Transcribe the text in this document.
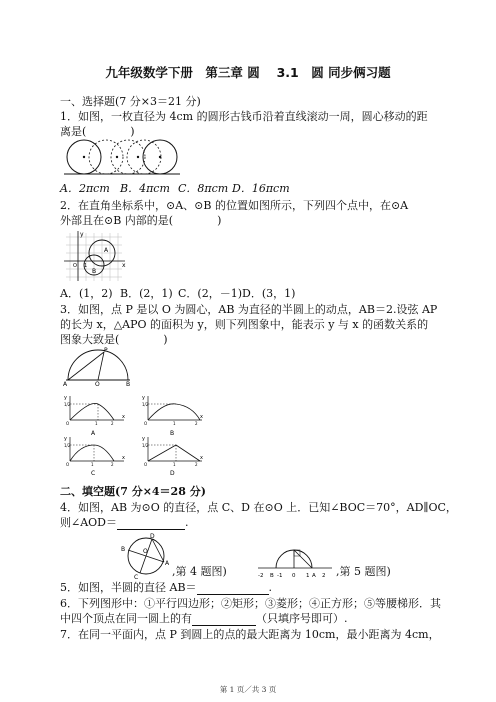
九年级数学下册　第三章 圆　 3.1　圆 同步俩习题
一、选择题(7 分×3＝21 分)
1．如图，一枚直径为 4cm 的圆形古钱币沿着直线滚动一周，圆心移动的距
离是(　　　　)
A．2πcm B．4πcm C．8πcm D．16πcm
2．在直角坐标系中，⊙A、⊙B 的位置如图所示，下列四个点中，在⊙A
外部且在⊙B 内部的是(　　　　)
y
x
A
B
O 1
A．(1，2) B．(2，1) C．(2，－1) D．(3，1)
3．如图，点 P 是以 O 为圆心，AB 为直径的半圆上的动点，AB＝2.设弦 AP
的长为 x，△APO 的面积为 y，则下列图象中，能表示 y 与 x 的函数关系的
图象大致是(　　　　)
P
A	O	B
y
x
1/2
1	2
O
A
y
x
1/2
1	2
O
B
y
x
1/2
1	2
O
C
y
x
1/2
1	2
O
D
二、填空题(7 分×4＝28 分)
4．如图，AB 为⊙O 的直径，点 C、D 在⊙O 上．已知∠BOC＝70°，AD∥OC，
则∠AOD＝	.
B
D
O
C
A
,第 4 题图)	-2 B -1 0 1 A 2 ,第 5 题图)
5．如图，半圆的直径 AB＝	.
6．下列图形中：①平行四边形；②矩形；③菱形；④正方形；⑤等腰梯形．其
中四个顶点在同一圆上的有	（只填序号即可）.
7．在同一平面内，点 P 到圆上的点的最大距离为 10cm，最小距离为 4cm，
第 1 页／共 3 页
